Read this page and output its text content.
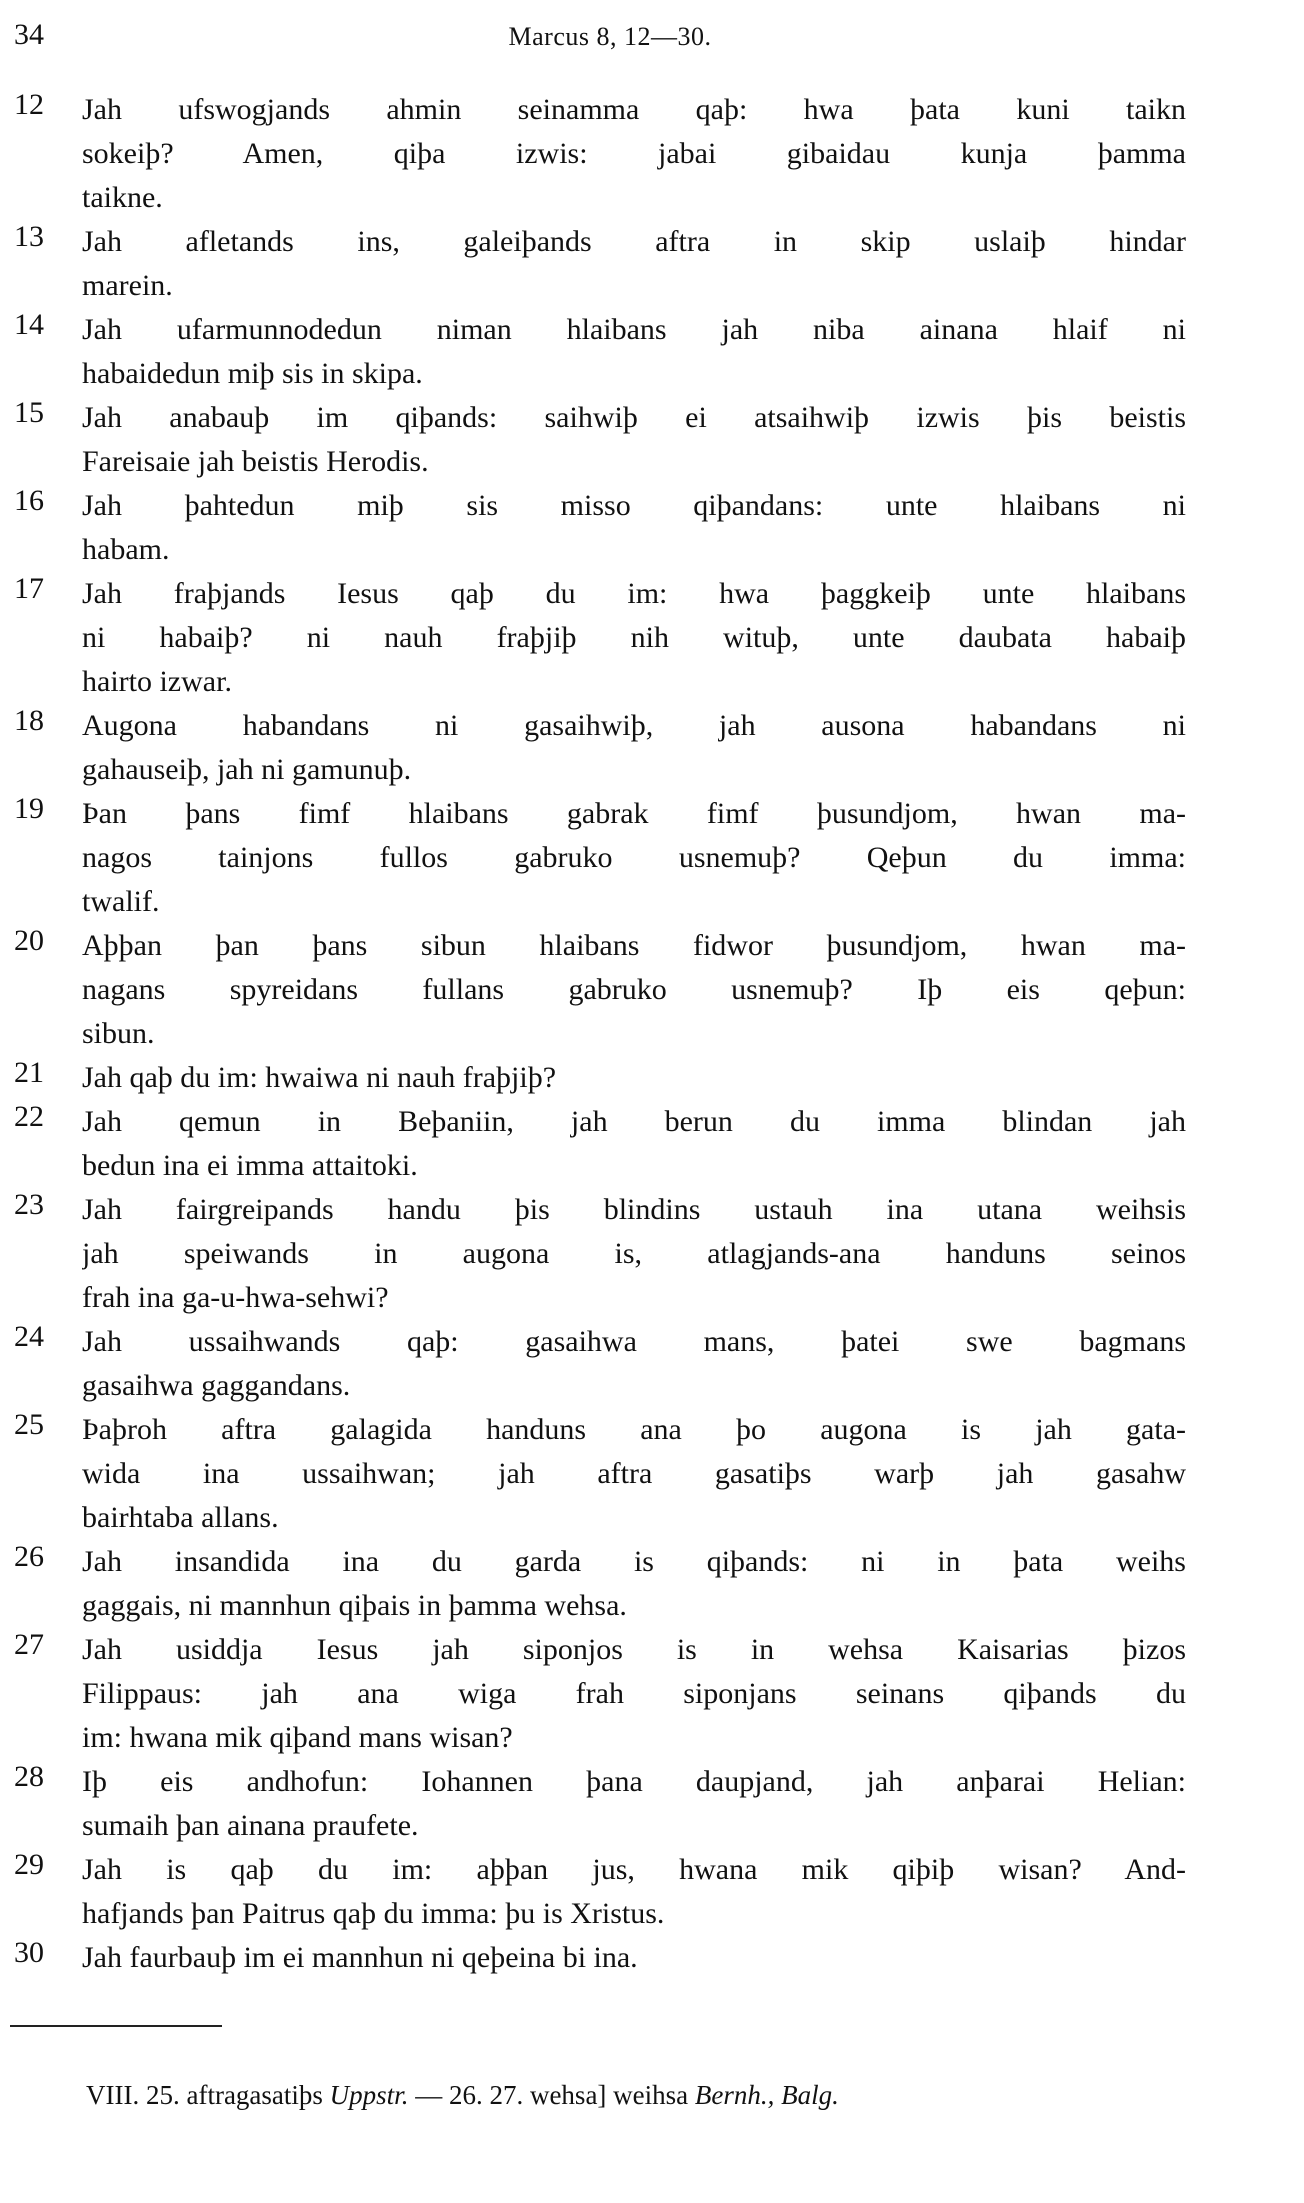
34	Marcus 8, 12—30.
12	Jah ufswogjands ahmin seinamma qaþ: hwa þata kuni taikn
sokeiþ? Amen, qiþa izwis: jabai gibaidau kunja þamma
taikne.
13	Jah afletands ins, galeiþands aftra in skip uslaiþ hindar
marein.
14	Jah ufarmunnodedun niman hlaibans jah niba ainana hlaif ni
habaidedun miþ sis in skipa.
15	Jah anabauþ im qiþands: saihwiþ ei atsaihwiþ izwis þis beistis
Fareisaie jah beistis Herodis.
16	Jah þahtedun miþ sis misso qiþandans: unte hlaibans ni
habam.
17	Jah fraþjands Iesus qaþ du im: hwa þaggkeiþ unte hlaibans
ni habaiþ? ni nauh fraþjiþ nih wituþ, unte daubata habaiþ
hairto izwar.
18	Augona habandans ni gasaihwiþ, jah ausona habandans ni
gahauseiþ, jah ni gamunuþ.
19	Þan þans fimf hlaibans gabrak fimf þusundjom, hwan ma-
nagos tainjons fullos gabruko usnemuþ? Qeþun du imma:
twalif.
20	Aþþan þan þans sibun hlaibans fidwor þusundjom, hwan ma-
nagans spyreidans fullans gabruko usnemuþ? Iþ eis qeþun:
sibun.
21	Jah qaþ du im: hwaiwa ni nauh fraþjiþ?
22	Jah qemun in Beþaniin, jah berun du imma blindan jah
bedun ina ei imma attaitoki.
23	Jah fairgreipands handu þis blindins ustauh ina utana weihsis
jah speiwands in augona is, atlagjands-ana handuns seinos
frah ina ga-u-hwa-sehwi?
24	Jah ussaihwands qaþ: gasaihwa mans, þatei swe bagmans
gasaihwa gaggandans.
25	Þaþroh aftra galagida handuns ana þo augona is jah gata-
wida ina ussaihwan; jah aftra gasatiþs warþ jah gasahw
bairhtaba allans.
26	Jah insandida ina du garda is qiþands: ni in þata weihs
gaggais, ni mannhun qiþais in þamma wehsa.
27	Jah usiddja Iesus jah siponjos is in wehsa Kaisarias þizos
Filippaus: jah ana wiga frah siponjans seinans qiþands du
im: hwana mik qiþand mans wisan?
28	Iþ eis andhofun: Iohannen þana daupjand, jah anþarai Helian:
sumaih þan ainana praufete.
29	Jah is qaþ du im: aþþan jus, hwana mik qiþiþ wisan? And-
hafjands þan Paitrus qaþ du imma: þu is Xristus.
30	Jah faurbauþ im ei mannhun ni qeþeina bi ina.
VIII. 25. aftragasatiþs Uppstr. — 26. 27. wehsa] weihsa Bernh., Balg.
